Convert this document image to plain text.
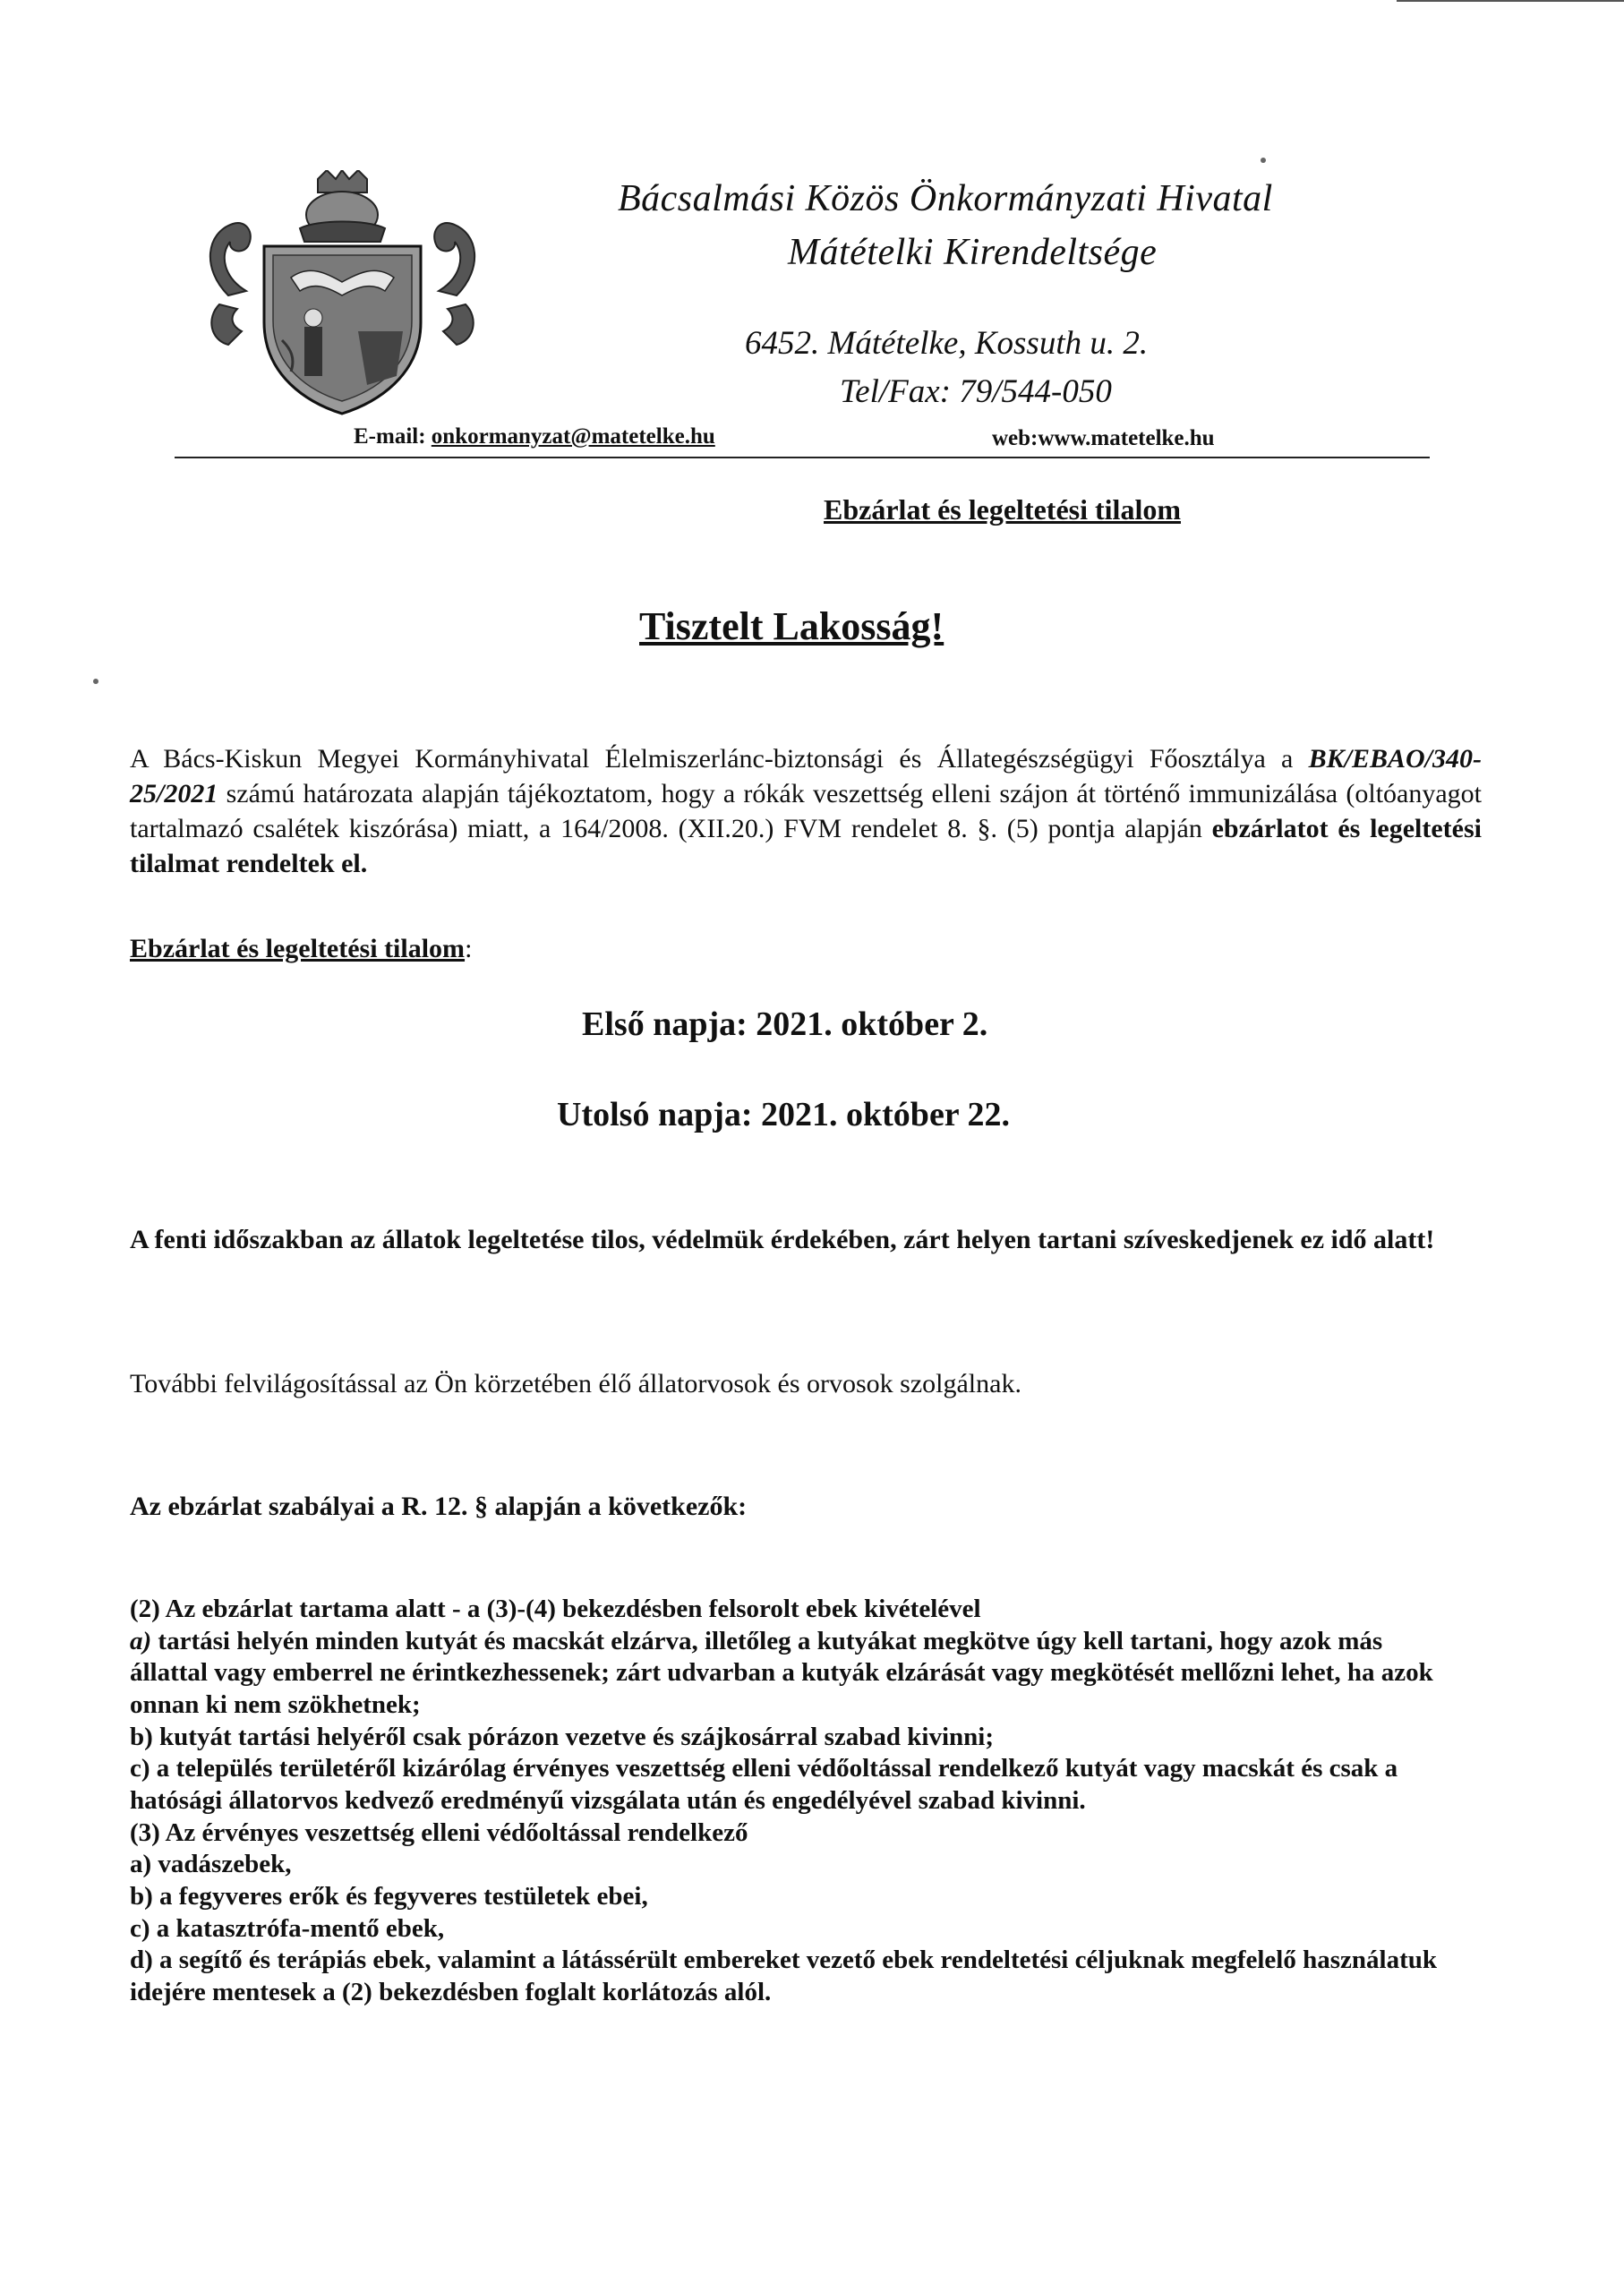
Bácsalmási Közös Önkormányzati Hivatal
Mátételki Kirendeltsége
6452. Mátételke, Kossuth u. 2.
Tel/Fax: 79/544-050
E-mail: onkormanyzat@matetelke.hu	web:www.matetelke.hu
Ebzárlat és legeltetési tilalom
Tisztelt Lakosság!
A Bács-Kiskun Megyei Kormányhivatal Élelmiszerlánc-biztonsági és Állategészségügyi Főosztálya a BK/EBAO/340-25/2021 számú határozata alapján tájékoztatom, hogy a rókák veszettség elleni szájon át történő immunizálása (oltóanyagot tartalmazó csalétek kiszórása) miatt, a 164/2008. (XII.20.) FVM rendelet 8. §. (5) pontja alapján ebzárlatot és legeltetési tilalmat rendeltek el.
Ebzárlat és legeltetési tilalom:
Első napja: 2021. október 2.
Utolsó napja: 2021. október 22.
A fenti időszakban az állatok legeltetése tilos, védelmük érdekében, zárt helyen tartani szíveskedjenek ez idő alatt!
További felvilágosítással az Ön körzetében élő állatorvosok és orvosok szolgálnak.
Az ebzárlat szabályai a R. 12. § alapján a következők:

(2) Az ebzárlat tartama alatt - a (3)-(4) bekezdésben felsorolt ebek kivételével

a) tartási helyén minden kutyát és macskát elzárva, illetőleg a kutyákat megkötve úgy kell tartani, hogy azok más állattal vagy emberrel ne érintkezhessenek; zárt udvarban a kutyák elzárását vagy megkötését mellőzni lehet, ha azok onnan ki nem szökhetnek;

b) kutyát tartási helyéről csak pórázon vezetve és szájkosárral szabad kivinni;

c) a település területéről kizárólag érvényes veszettség elleni védőoltással rendelkező kutyát vagy macskát és csak a hatósági állatorvos kedvező eredményű vizsgálata után és engedélyével szabad kivinni.

(3) Az érvényes veszettség elleni védőoltással rendelkező

a) vadászebek,

b) a fegyveres erők és fegyveres testületek ebei,

c) a katasztrófa-mentő ebek,

d) a segítő és terápiás ebek, valamint a látássérült embereket vezető ebek rendeltetési céljuknak megfelelő használatuk idejére mentesek a (2) bekezdésben foglalt korlátozás alól.
